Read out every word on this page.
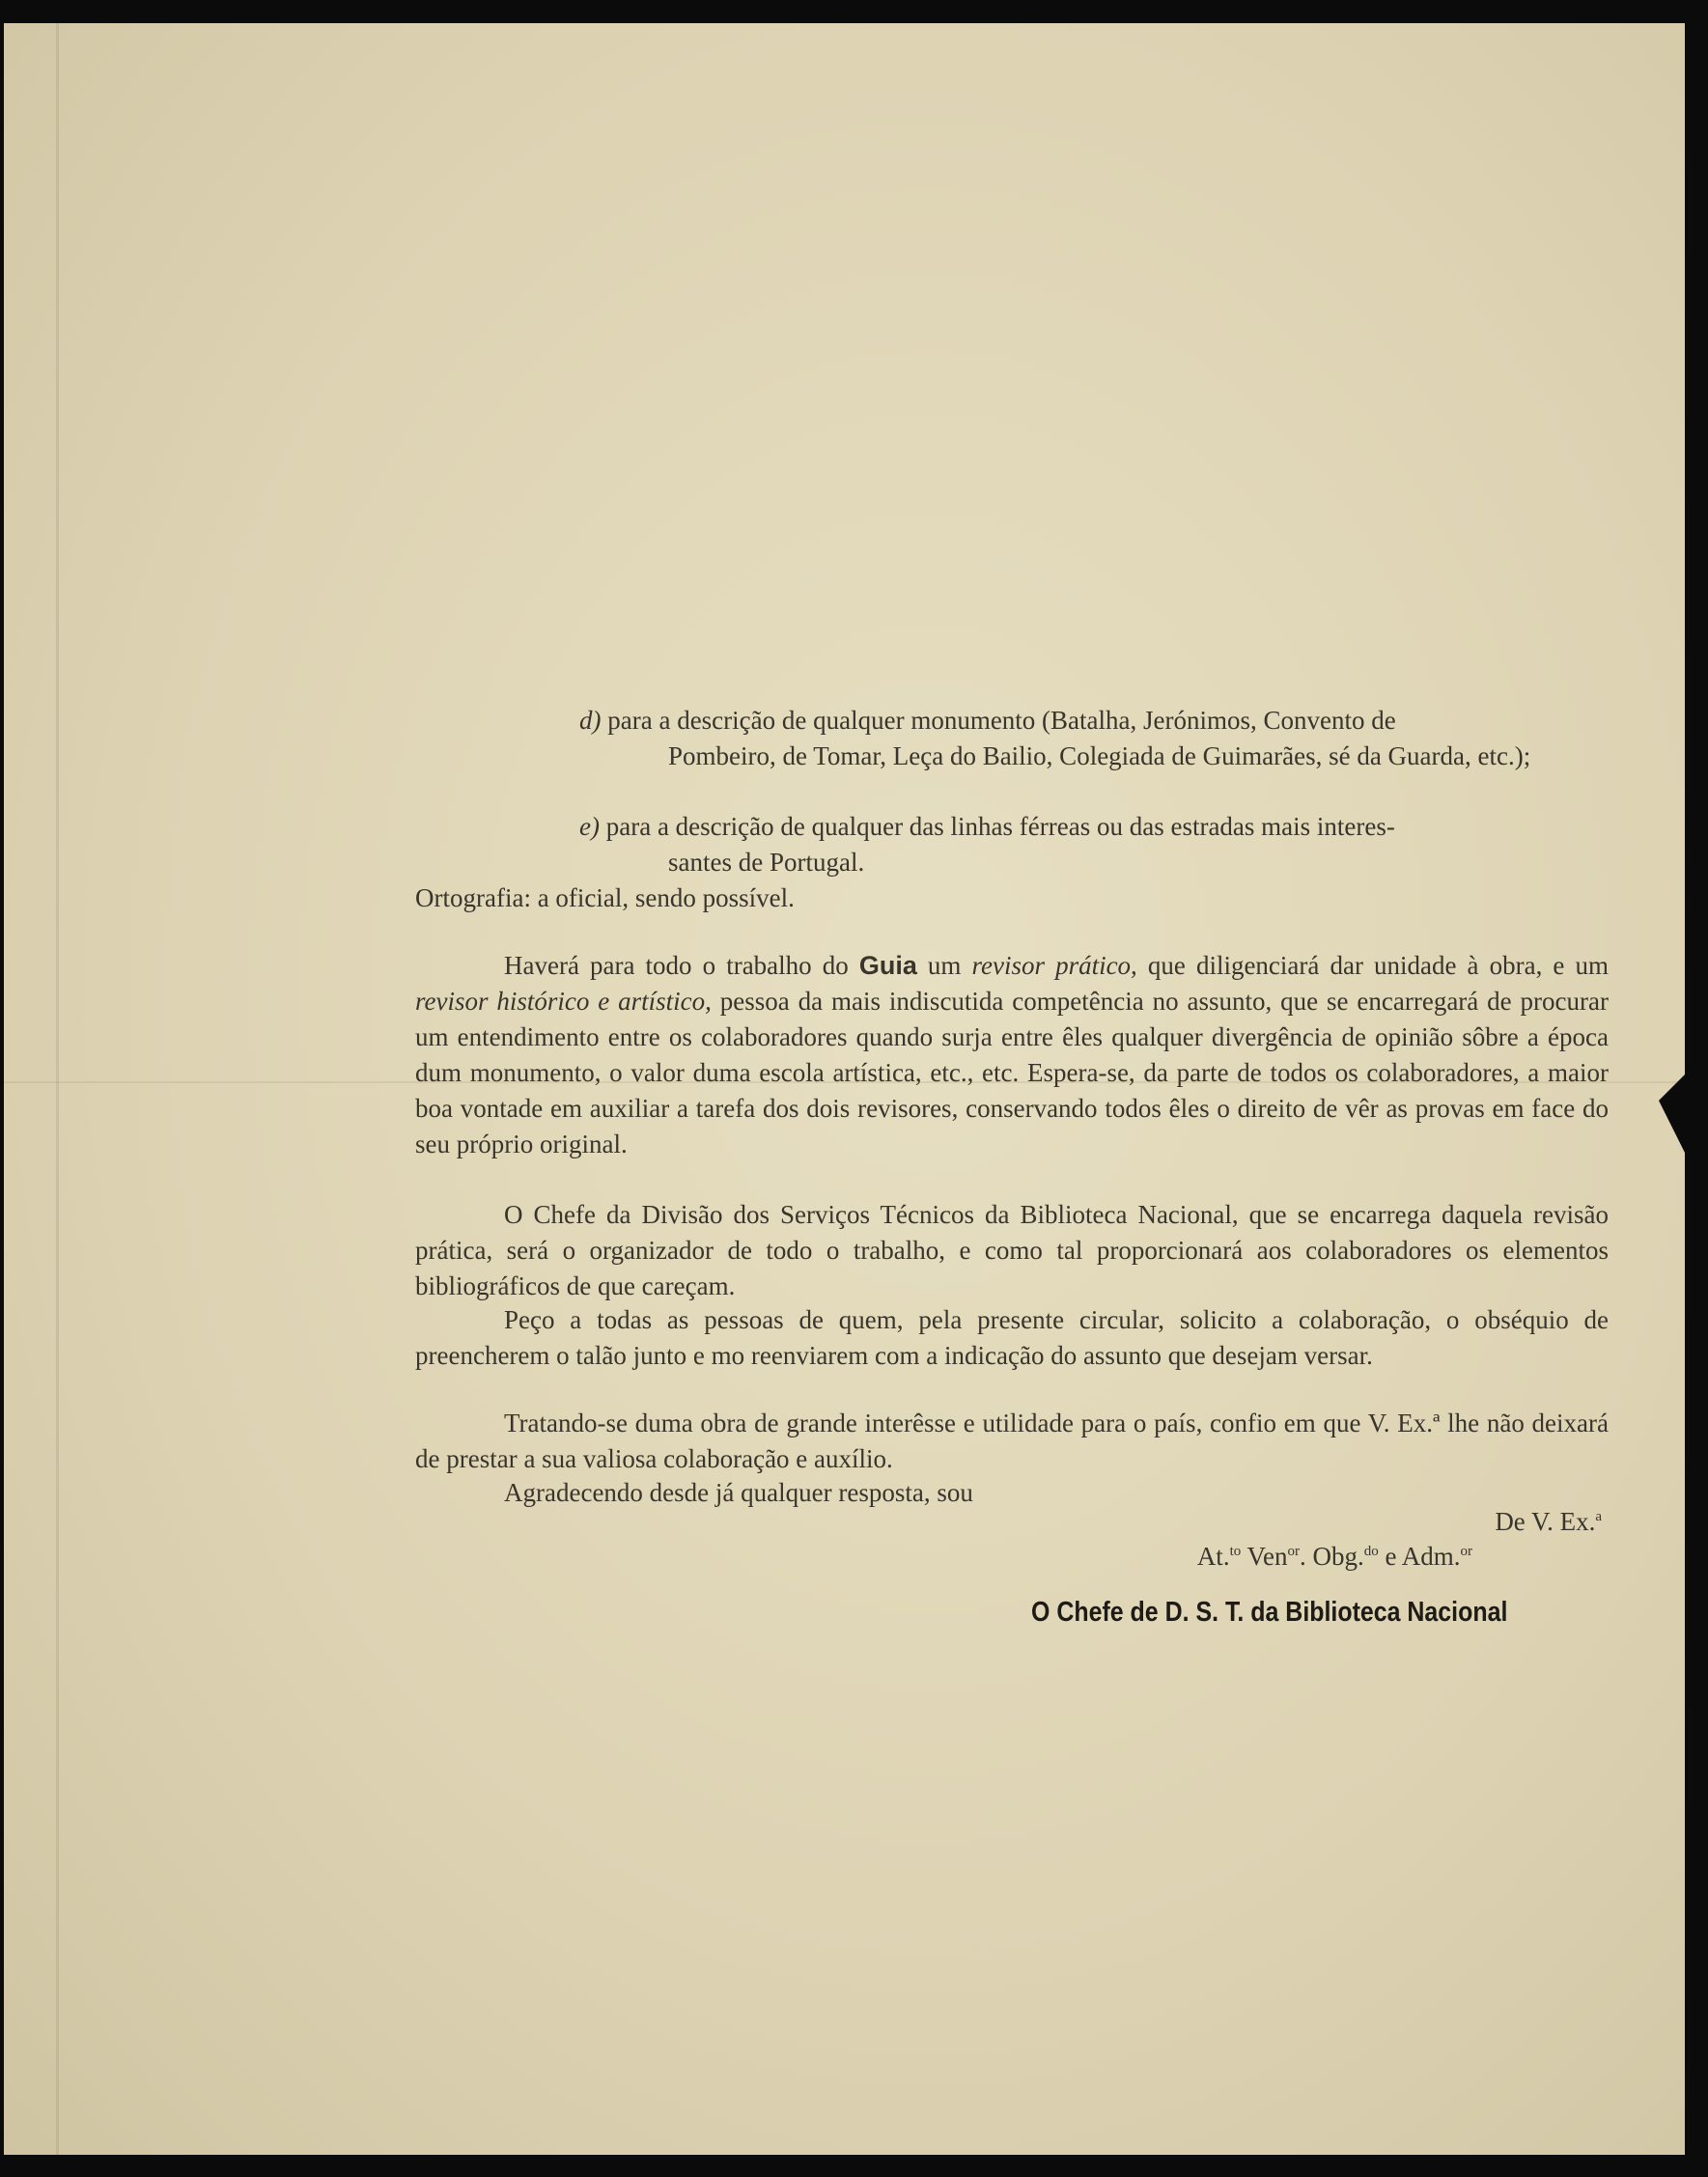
d) para a descrição de qualquer monumento (Batalha, Jerónimos, Convento de
Pombeiro, de Tomar, Leça do Bailio, Colegiada de Guimarães, sé da Guarda, etc.);
e) para a descrição de qualquer das linhas férreas ou das estradas mais interes-
santes de Portugal.
Ortografia: a oficial, sendo possível.
Haverá para todo o trabalho do Guia um revisor prático, que diligenciará dar unidade à obra, e um revisor histórico e artístico, pessoa da mais indiscutida competência no assunto, que se encarregará de procurar um entendimento entre os colaboradores quando surja entre êles qualquer divergência de opinião sôbre a época dum monumento, o valor duma escola artística, etc., etc. Espera-se, da parte de todos os colaboradores, a maior boa vontade em auxiliar a tarefa dos dois revisores, conservando todos êles o direito de vêr as provas em face do seu próprio original.
O Chefe da Divisão dos Serviços Técnicos da Biblioteca Nacional, que se encarrega daquela revisão prática, será o organizador de todo o trabalho, e como tal proporcionará aos colaboradores os elementos bibliográficos de que careçam.
Peço a todas as pessoas de quem, pela presente circular, solicito a colaboração, o obséquio de preencherem o talão junto e mo reenviarem com a indicação do assunto que desejam versar.
Tratando-se duma obra de grande interêsse e utilidade para o país, confio em que V. Ex.ª lhe não deixará de prestar a sua valiosa colaboração e auxílio.
Agradecendo desde já qualquer resposta, sou
De V. Ex.$^a$
At.$^{to}$ Ven$^{or}$. Obg.$^{do}$ e Adm.$^{or}$
O Chefe de D. S. T. da Biblioteca Nacional
